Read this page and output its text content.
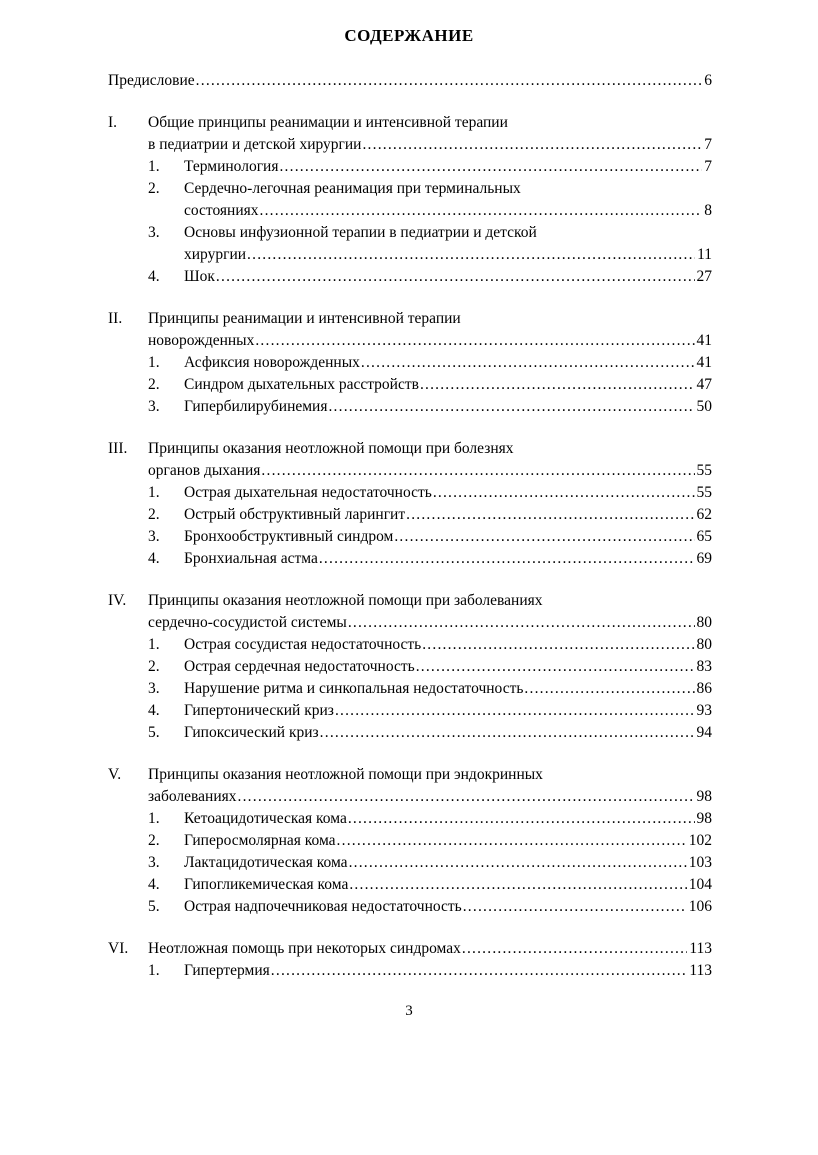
СОДЕРЖАНИЕ
Предисловие .....	6
I.	Общие принципы реанимации и интенсивной терапии
в педиатрии и детской хирургии .....	7
1.	Терминология .....	7
2.	Сердечно-легочная реанимация при терминальных
состояниях .....	8
3.	Основы инфузионной терапии в педиатрии и детской
хирургии .....	11
4.	Шок .....	27
II.	Принципы реанимации и интенсивной терапии
новорожденных .....	41
1.	Асфиксия новорожденных .....	41
2.	Синдром дыхательных расстройств .....	47
3.	Гипербилирубинемия .....	50
III.	Принципы оказания неотложной помощи при болезнях
органов дыхания .....	55
1.	Острая дыхательная недостаточность .....	55
2.	Острый обструктивный ларингит .....	62
3.	Бронхообструктивный синдром .....	65
4.	Бронхиальная астма .....	69
IV.	Принципы оказания неотложной помощи при заболеваниях
сердечно-сосудистой системы .....	80
1.	Острая сосудистая недостаточность .....	80
2.	Острая сердечная недостаточность .....	83
3.	Нарушение ритма и синкопальная недостаточность .....	86
4.	Гипертонический криз .....	93
5.	Гипоксический криз .....	94
V.	Принципы оказания неотложной помощи при эндокринных
заболеваниях .....	98
1.	Кетоацидотическая кома .....	98
2.	Гиперосмолярная кома .....	102
3.	Лактацидотическая кома .....	103
4.	Гипогликемическая кома .....	104
5.	Острая надпочечниковая недостаточность .....	106
VI.	Неотложная помощь при некоторых синдромах .....	113
1.	Гипертермия .....	113
3
